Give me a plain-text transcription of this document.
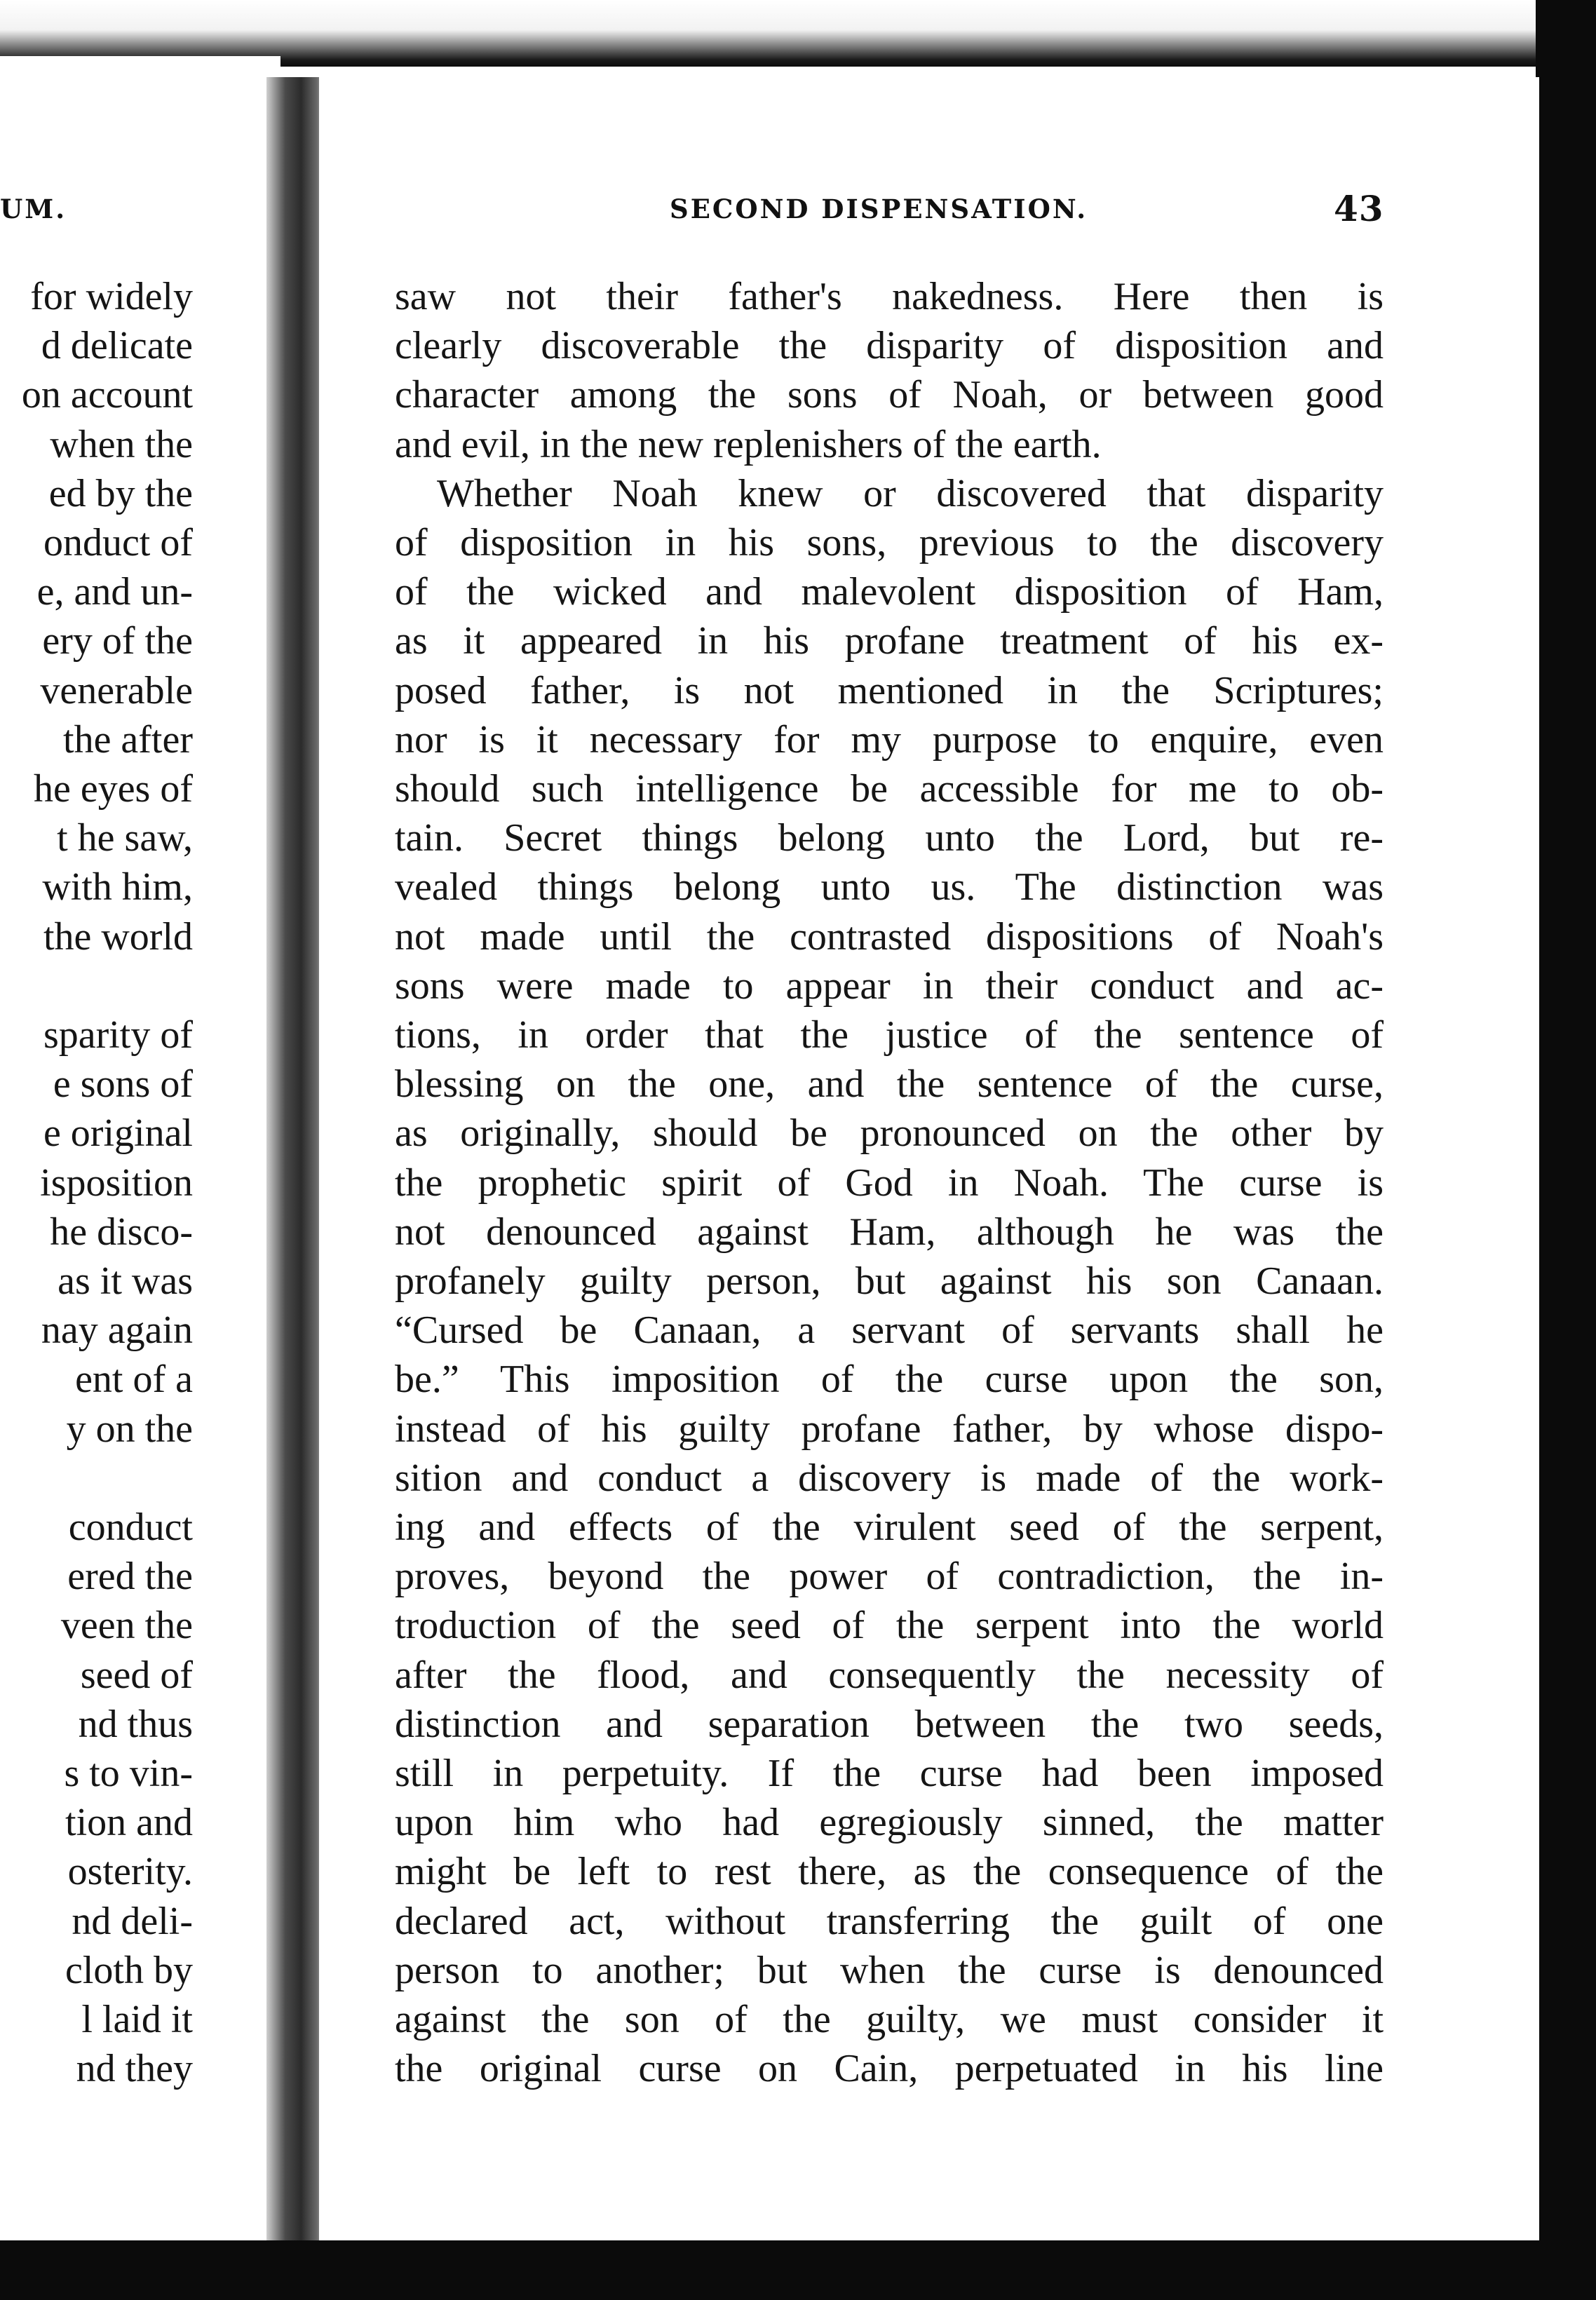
UM.	SECOND DISPENSATION.	43
for widely
d delicate
on account
when the
ed by the
onduct of
e, and un-
ery of the
venerable
the after
he eyes of
t he saw,
with him,
the world
sparity of
e sons of
e original
isposition
he disco-
as it was
nay again
ent of a
y on the
conduct
ered the
veen the
seed of
nd thus
s to vin-
tion and
osterity.
nd deli-
cloth by
l laid it
nd they
saw not their father's nakedness. Here then is
clearly discoverable the disparity of disposition and
character among the sons of Noah, or between good
and evil, in the new replenishers of the earth.
Whether Noah knew or discovered that disparity
of disposition in his sons, previous to the discovery
of the wicked and malevolent disposition of Ham,
as it appeared in his profane treatment of his ex-
posed father, is not mentioned in the Scriptures;
nor is it necessary for my purpose to enquire, even
should such intelligence be accessible for me to ob-
tain. Secret things belong unto the Lord, but re-
vealed things belong unto us. The distinction was
not made until the contrasted dispositions of Noah's
sons were made to appear in their conduct and ac-
tions, in order that the justice of the sentence of
blessing on the one, and the sentence of the curse,
as originally, should be pronounced on the other by
the prophetic spirit of God in Noah. The curse is
not denounced against Ham, although he was the
profanely guilty person, but against his son Canaan.
“Cursed be Canaan, a servant of servants shall he
be.” This imposition of the curse upon the son,
instead of his guilty profane father, by whose dispo-
sition and conduct a discovery is made of the work-
ing and effects of the virulent seed of the serpent,
proves, beyond the power of contradiction, the in-
troduction of the seed of the serpent into the world
after the flood, and consequently the necessity of
distinction and separation between the two seeds,
still in perpetuity. If the curse had been imposed
upon him who had egregiously sinned, the matter
might be left to rest there, as the consequence of the
declared act, without transferring the guilt of one
person to another; but when the curse is denounced
against the son of the guilty, we must consider it
the original curse on Cain, perpetuated in his line
